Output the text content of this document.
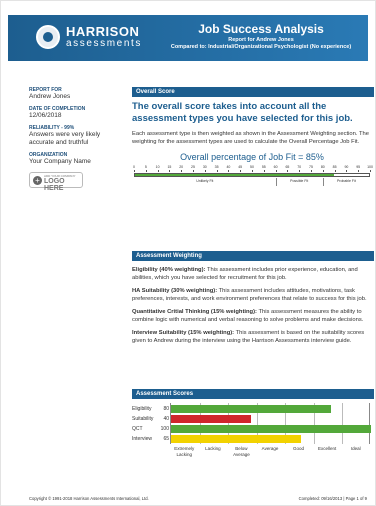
HARRISON
assessments
Job Success Analysis
Report for Andrew Jones
Compared to: Industrial/Organizational Psychologist (No experience)
REPORT FOR
Andrew Jones
DATE OF COMPLETION
12/06/2018
RELIABILITY - 99%
Answers were very likely accurate and truthful
ORGANIZATION
Your Company Name
+	ADD YOUR COMPANY
LOGO HERE
Overall Score
The overall score takes into account all the assessment types you have selected for this job.
Each assessment type is then weighted as shown in the Assessment Weighting section. The weighting for the assessment types are used to calculate the Overall Percentage Job Fit.
Overall percentage of Job Fit = 85%
0	5	10 15 20 25 30 35 40 45 50 55 60 65 70 75 80 85 90 95 100
Unlikely Fit	Possible Fit	Probable Fit
Assessment Weighting
Eligibility (40% weighting): This assessment includes prior experience, education, and abilities, which you have selected for recruitment for this job.
HA Suitability (30% weighting): This assessment includes attitudes, motivations, task preferences, interests, and work environment preferences that relate to success for this job.
Quantitative Critial Thinking (15% weighting): This assessment measures the ability to combine logic with numerical and verbal reasoning to solve problems and make decisions.
Interview Suitability (15% weighting): This assessment is based on the suitability scores given to Andrew during the interview using the Harrison Assessments interview guide.
Assessment Scores
Eligibility	80
Suitability	40
QCT	100
Interview	65
Extremely
Lacking
Lacking	Below
Average
Average	Good	Excellent	Ideal
Copyright © 1991-2018 Harrison Assessments International, Ltd.	Completed: 09/16/2013 | Page 1 of 9
